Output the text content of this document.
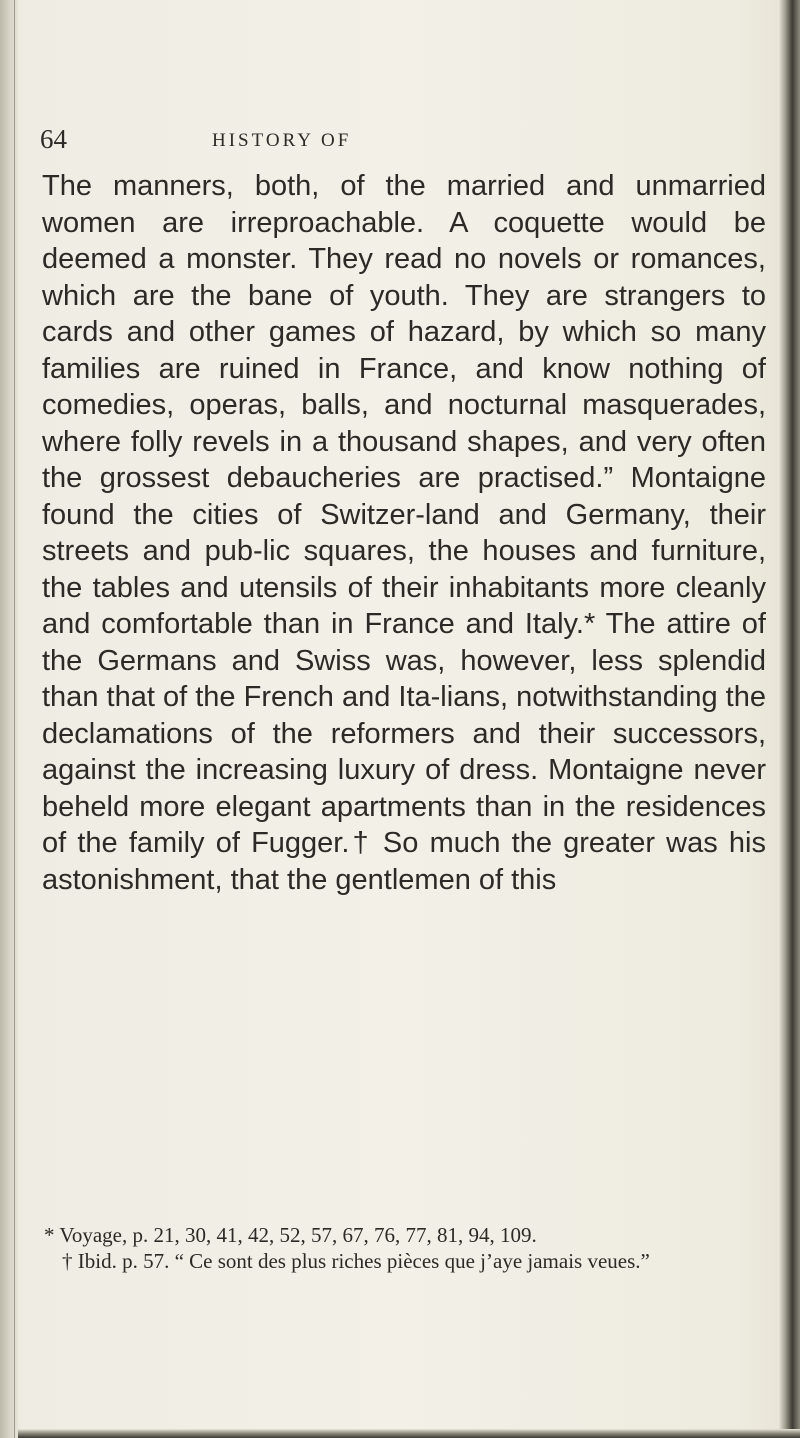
64	HISTORY OF

The manners, both, of the married and unmarried women are irreproachable. A coquette would be deemed a monster. They read no novels or romances, which are the bane of youth. They are strangers to cards and other games of hazard, by which so many families are ruined in France, and know nothing of comedies, operas, balls, and nocturnal masquerades, where folly revels in a thousand shapes, and very often the grossest debaucheries are practised.” Montaigne found the cities of Switzer-land and Germany, their streets and pub-lic squares, the houses and furniture, the tables and utensils of their inhabitants more cleanly and comfortable than in France and Italy.* The attire of the Germans and Swiss was, however, less splendid than that of the French and Ita-lians, notwithstanding the declamations of the reformers and their successors, against the increasing luxury of dress. Montaigne never beheld more elegant apartments than in the residences of the family of Fugger.† So much the greater was his astonishment, that the gentlemen of this

* Voyage, p. 21, 30, 41, 42, 52, 57, 67, 76, 77, 81, 94, 109.

† Ibid. p. 57. “ Ce sont des plus riches pièces que j’aye jamais veues.”
